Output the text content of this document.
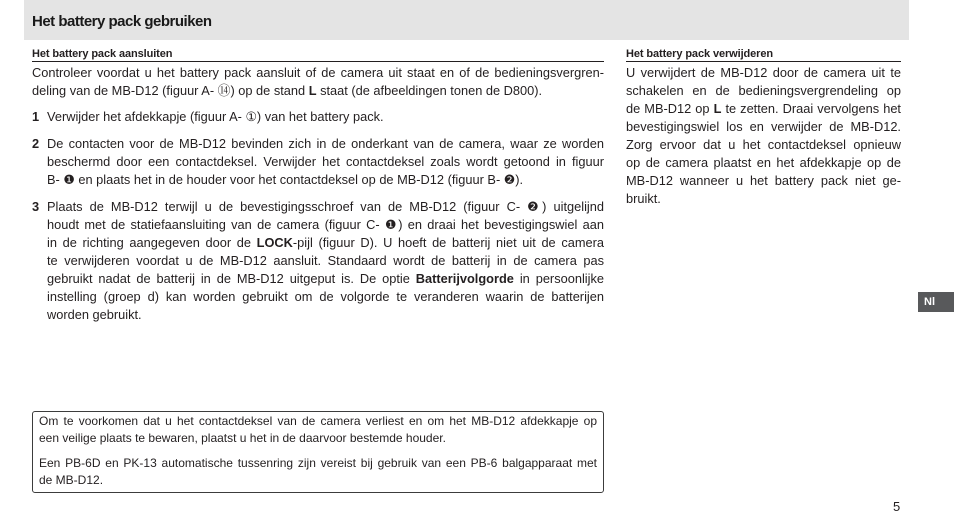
Het battery pack gebruiken
Het battery pack aansluiten
Controleer voordat u het battery pack aansluit of de camera uit staat en of de bedieningsvergren-
deling van de MB-D12 (figuur A- ⑭) op de stand L staat (de afbeeldingen tonen de D800).
1 Verwijder het afdekkapje (figuur A- ①) van het battery pack.
2 De contacten voor de MB-D12 bevinden zich in de onderkant van de camera, waar ze worden
beschermd door een contactdeksel. Verwijder het contactdeksel zoals wordt getoond in figuur
B- ❶ en plaats het in de houder voor het contactdeksel op de MB-D12 (figuur B- ❷).
3 Plaats de MB-D12 terwijl u de bevestigingsschroef van de MB-D12 (figuur C- ❷) uitgelijnd
houdt met de statiefaansluiting van de camera (figuur C- ❶) en draai het bevestigingswiel aan
in de richting aangegeven door de LOCK-pijl (figuur D). U hoeft de batterij niet uit de camera
te verwijderen voordat u de MB-D12 aansluit. Standaard wordt de batterij in de camera pas
gebruikt nadat de batterij in de MB-D12 uitgeput is. De optie Batterijvolgorde in persoonlijke
instelling (groep d) kan worden gebruikt om de volgorde te veranderen waarin de batterijen
worden gebruikt.
Om te voorkomen dat u het contactdeksel van de camera verliest en om het MB-D12 afdekkapje op
een veilige plaats te bewaren, plaatst u het in de daarvoor bestemde houder.
Een PB-6D en PK-13 automatische tussenring zijn vereist bij gebruik van een PB-6 balgapparaat met
de MB-D12.
Het battery pack verwijderen
U verwijdert de MB-D12 door de camera uit te
schakelen en de bedieningsvergrendeling op
de MB-D12 op L te zetten. Draai vervolgens het
bevestigingswiel los en verwijder de MB-D12.
Zorg ervoor dat u het contactdeksel opnieuw
op de camera plaatst en het afdekkapje op de
MB-D12 wanneer u het battery pack niet ge-
bruikt.
Nl
5
